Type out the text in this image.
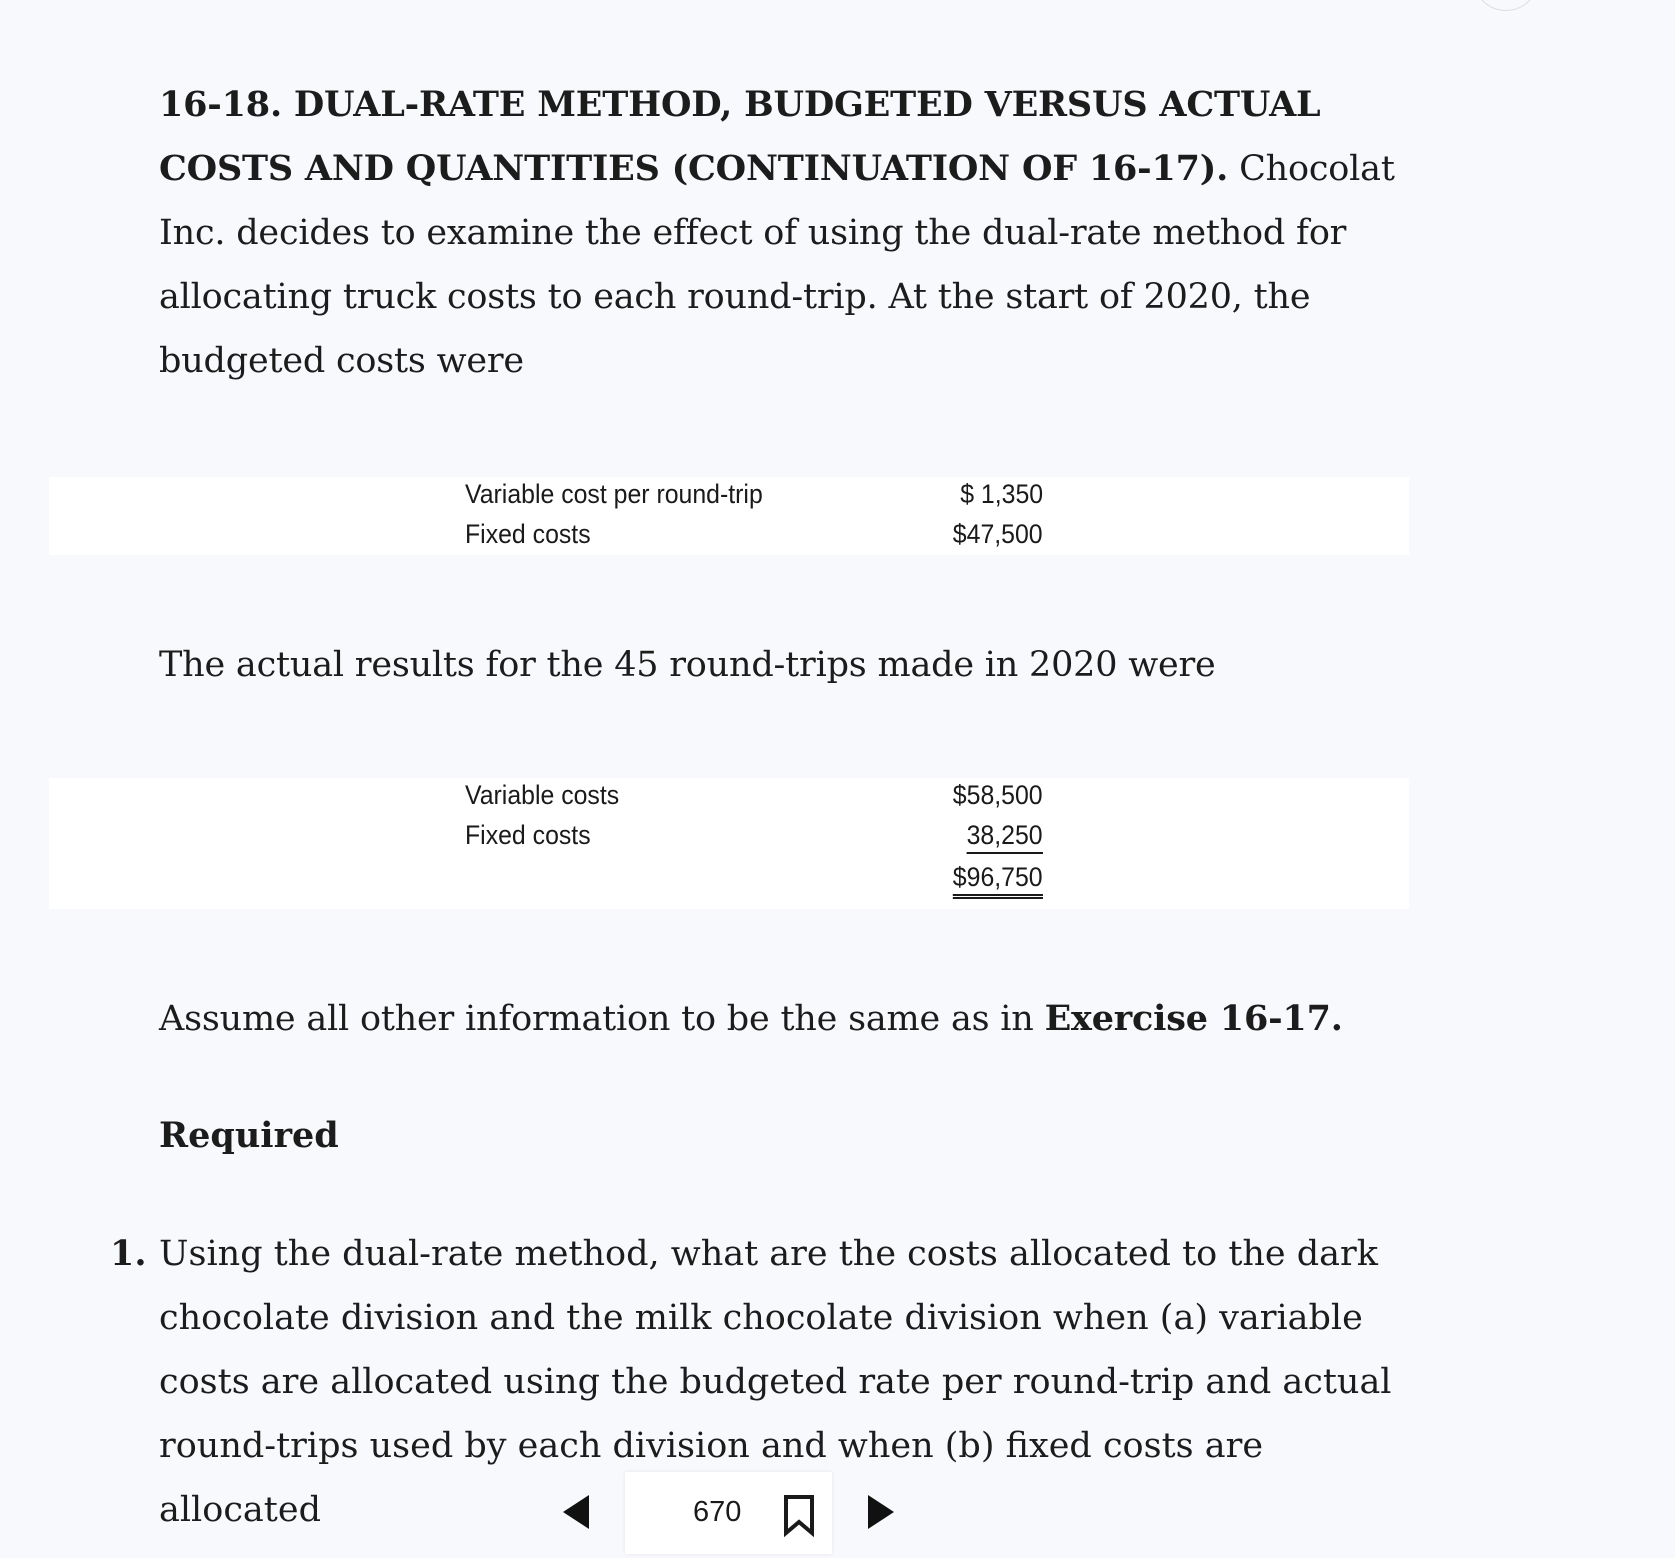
16-18. DUAL-RATE METHOD, BUDGETED VERSUS ACTUAL COSTS AND QUANTITIES (CONTINUATION OF 16-17). Chocolat Inc. decides to examine the effect of using the dual-rate method for allocating truck costs to each round-trip. At the start of 2020, the budgeted costs were
Variable cost per round-trip	$ 1,350
Fixed costs	$47,500
The actual results for the 45 round-trips made in 2020 were
Variable costs	$58,500
Fixed costs	38,250
$96,750
Assume all other information to be the same as in Exercise 16-17.
Required
1. Using the dual-rate method, what are the costs allocated to the dark chocolate division and the milk chocolate division when (a) variable costs are allocated using the budgeted rate per round-trip and actual round-trips used by each division and when (b) fixed costs are allocated	670
